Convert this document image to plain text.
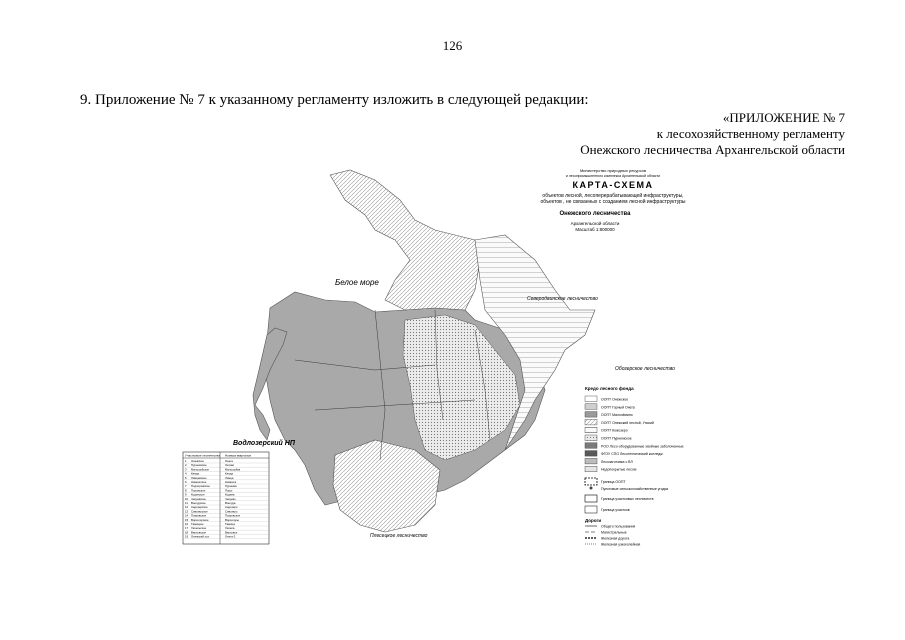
126
9. Приложение № 7 к указанному регламенту изложить в следующей редакции:
«ПРИЛОЖЕНИЕ № 7
к лесохозяйственному регламенту
Онежского лесничества Архангельской области
Министерство природных ресурсов
и лесопромышленного комплекса Архангельской области
КАРТА-СХЕМА
объектов лесной, лесоперерабатывающей инфраструктуры,
объектов , не связанных с созданием лесной инфраструктуры
Онежского лесничества
Архангельской области
Масштаб 1:800000
Белое море
Северодвинское лесничество
Обозерское лесничество
Водлозерский НП
Плесецкое лесничество
Кредо лесного фонда
ООПТ Онежское
ООПТ Горный Онега
ООПТ Малозёмино
ООПТ Онежский лесной, Унский
ООПТ Кожозеро
ООПТ Пурнемское
РОО Лесо-оборудованные хвойные заболоченные
ФГОУ СПО Лесотехнический колледж
Лесозаготовка с ВЛ
Недопокрытые лесом
Граница ООПТ
Пунктовые сельскохозяйственные угодья
Граница участковых лесничеств
Граница участков
Дороги
Общего пользования
Магистральные
Железная дорога
Железная узкоколейная
Участковые лесничества Номера кварталов
1 Онежское	Онега
2 Пурнемское	Унская
3 Малошуйское	Малошуйка
4 Кянда	Кянда
5 Лямцевское	Лямца
6 Нименгское	Нименга
7 Подпорожское	Пурнема
8 Порожское	Порог
9 Кодинское	Кодина
10 Чекуевское	Чекуево
11 Вонгудское	Вонгуда
12 Андозерское	Андозеро
13 Сивозерское	Сивозеро
14 Покровское	Покровское
15 Ворзогорское	Ворзогоры
16 Тамицкое	Тамица
17 Хачельское	Хачела
18 Верховское	Верховье
19 Онежский хоз.	Онега-2
